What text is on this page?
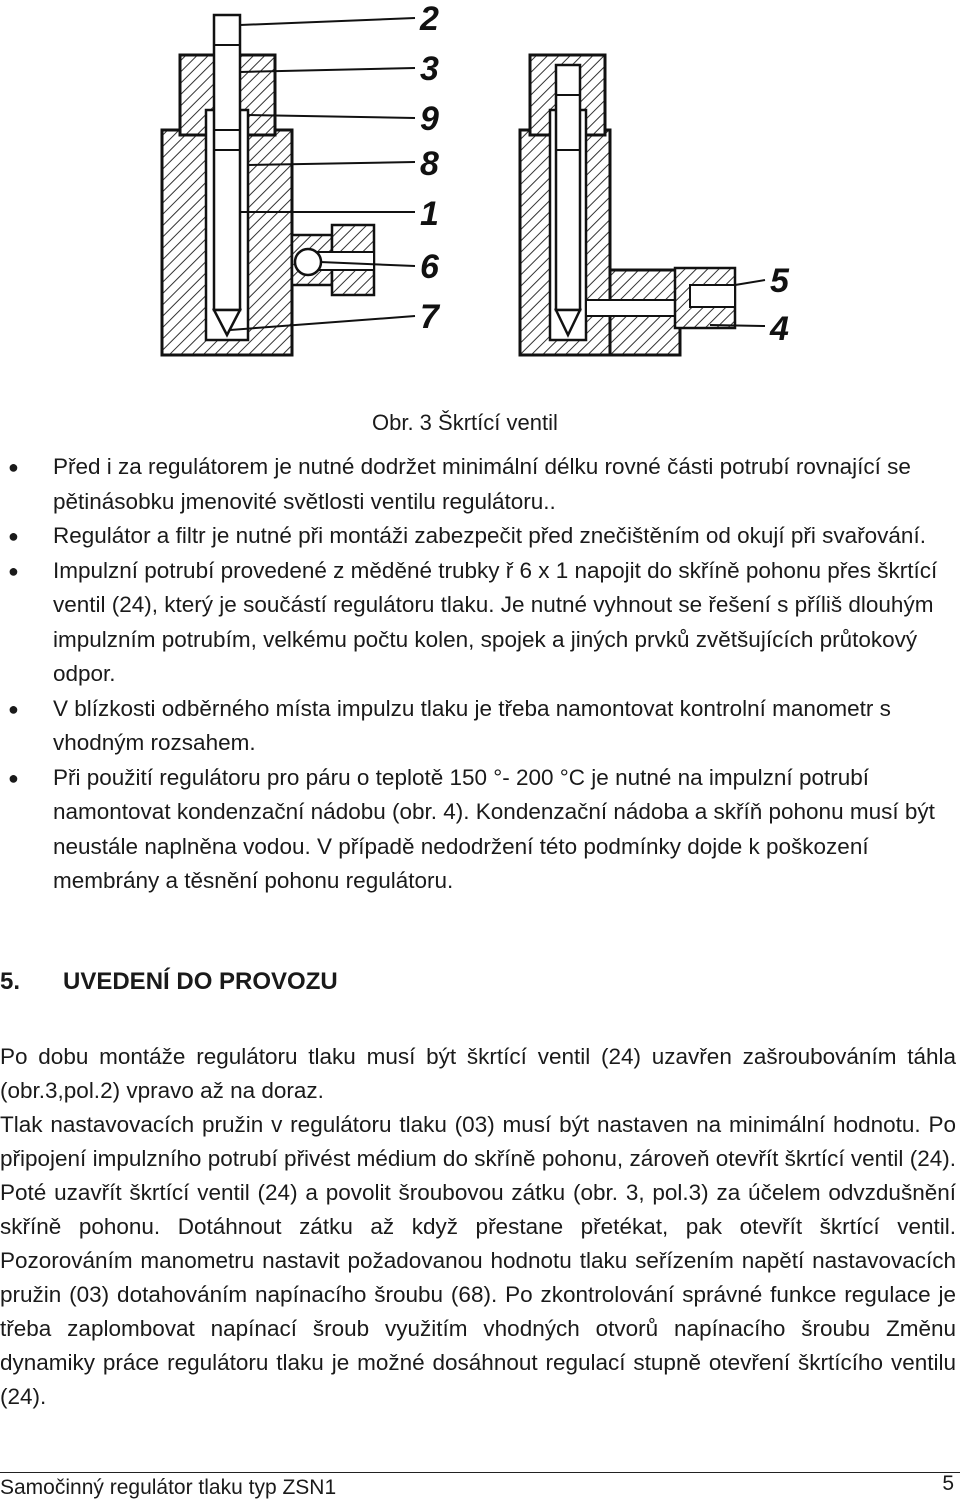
2
3
9
8
1
6
7
5
4
Obr. 3 Škrtící ventil
● Před i za regulátorem je nutné dodržet minimální délku rovné části potrubí rovnající se pětinásobku jmenovité světlosti ventilu regulátoru..
● Regulátor a filtr je nutné při montáži zabezpečit před znečištěním od okují při svařování.
● Impulzní potrubí provedené z měděné trubky ř 6 x 1 napojit do skříně pohonu přes škrtící ventil (24), který je součástí regulátoru tlaku. Je nutné vyhnout se řešení s příliš dlouhým impulzním potrubím, velkému počtu kolen, spojek a jiných prvků zvětšujících průtokový odpor.
● V blízkosti odběrného místa impulzu tlaku je třeba namontovat kontrolní manometr s vhodným rozsahem.
● Při použití regulátoru pro páru o teplotě 150 °- 200 °C je nutné na impulzní potrubí namontovat kondenzační nádobu (obr. 4). Kondenzační nádoba a skříň pohonu musí být neustále naplněna vodou. V případě nedodržení této podmínky dojde k poškození membrány a těsnění pohonu regulátoru.
5. UVEDENÍ DO PROVOZU

Po dobu montáže regulátoru tlaku musí být škrtící ventil (24) uzavřen zašroubováním táhla (obr.3,pol.2) vpravo až na doraz.

Tlak nastavovacích pružin v regulátoru tlaku (03) musí být nastaven na minimální hodnotu. Po připojení impulzního potrubí přivést médium do skříně pohonu, zároveň otevřít škrtící ventil (24). Poté uzavřít škrtící ventil (24) a povolit šroubovou zátku (obr. 3, pol.3) za účelem odvzdušnění skříně pohonu. Dotáhnout zátku až když přestane přetékat, pak otevřít škrtící ventil. Pozorováním manometru nastavit požadovanou hodnotu tlaku seřízením napětí nastavovacích pružin (03) dotahováním napínacího šroubu (68). Po zkontrolování správné funkce regulace je třeba zaplombovat napínací šroub využitím vhodných otvorů napínacího šroubu Změnu dynamiky práce regulátoru tlaku je možné dosáhnout regulací stupně otevření škrtícího ventilu (24).

Samočinný regulátor tlaku typ ZSN1	5
